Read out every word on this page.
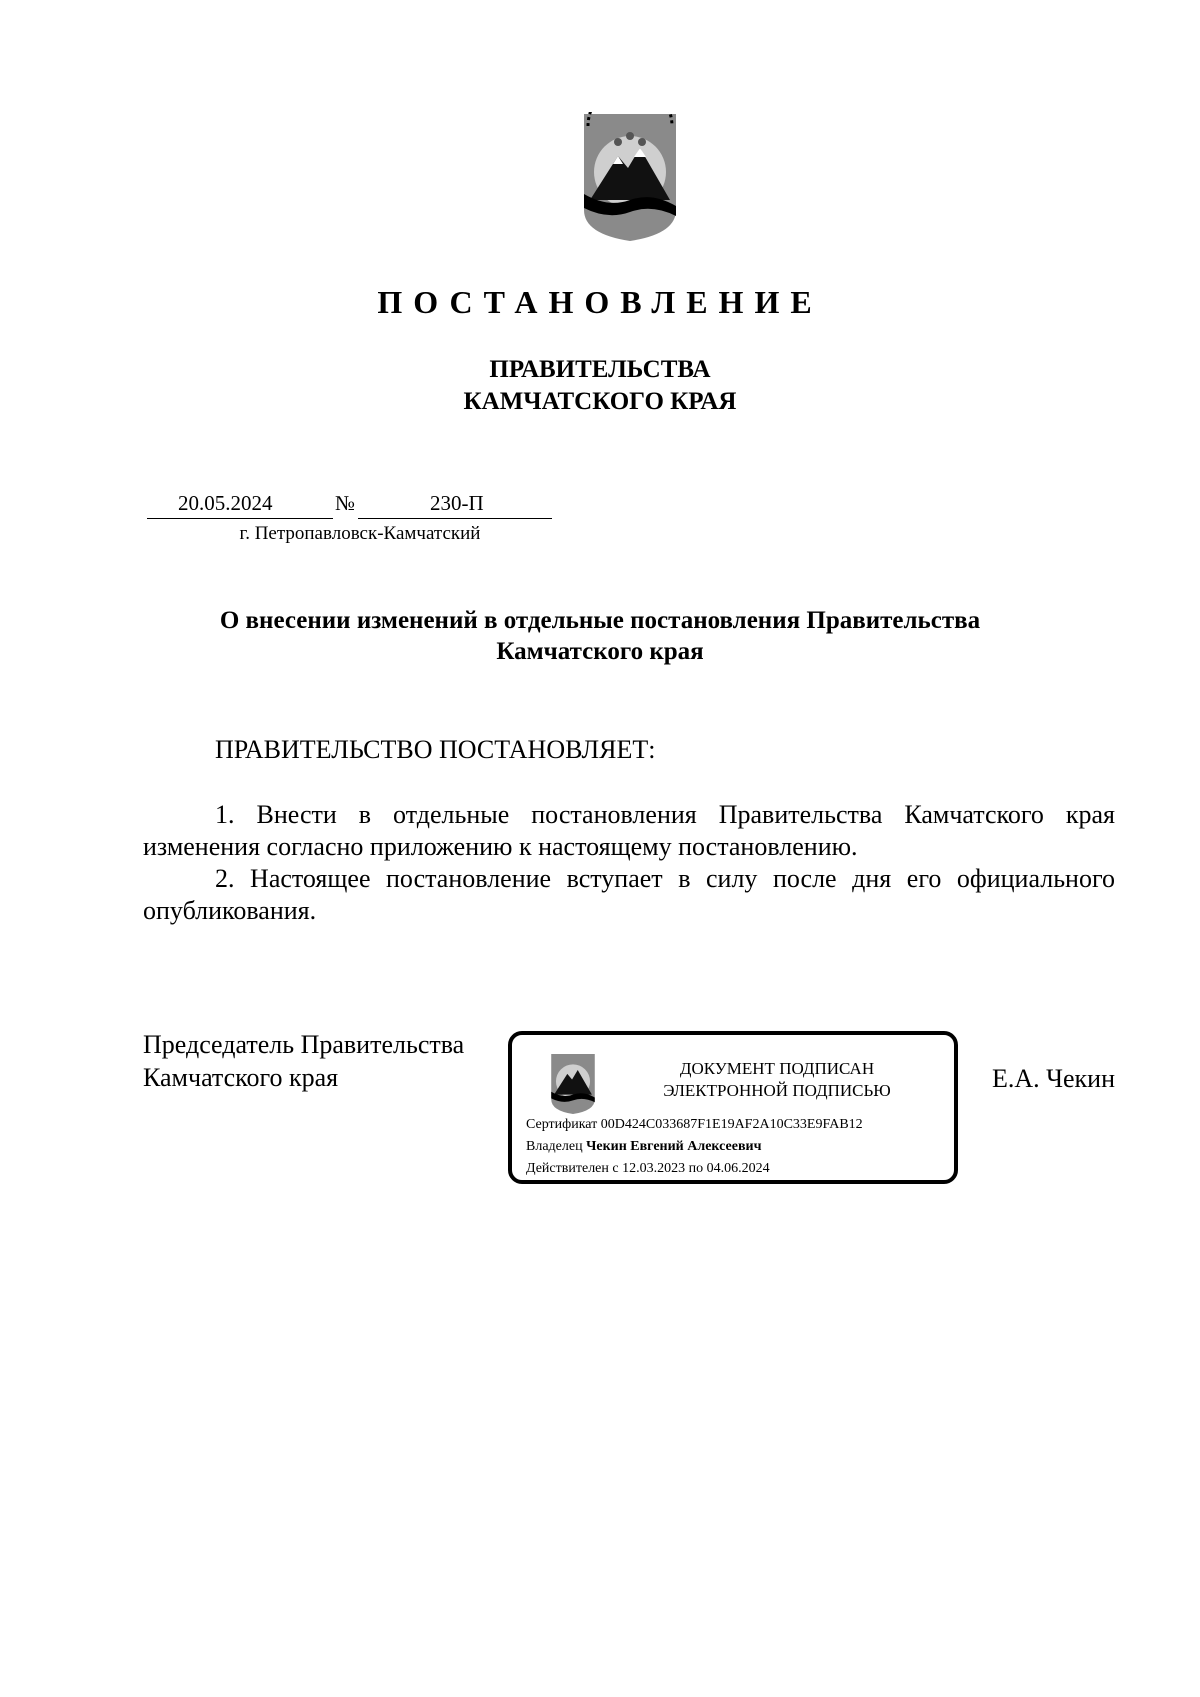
ПОСТАНОВЛЕНИЕ
ПРАВИТЕЛЬСТВА
КАМЧАТСКОГО КРАЯ
20.05.2024	№	230-П
г. Петропавловск-Камчатский
О внесении изменений в отдельные постановления Правительства
Камчатского края
ПРАВИТЕЛЬСТВО ПОСТАНОВЛЯЕТ:
1. Внести в отдельные постановления Правительства Камчатского края изменения согласно приложению к настоящему постановлению.
2. Настоящее постановление вступает в силу после дня его официального опубликования.
Председатель Правительства
Камчатского края	ДОКУМЕНТ ПОДПИСАН
ЭЛЕКТРОННОЙ ПОДПИСЬЮ
Сертификат 00D424C033687F1E19AF2A10C33E9FAB12
Владелец Чекин Евгений Алексеевич
Действителен с 12.03.2023 по 04.06.2024
Е.А. Чекин
